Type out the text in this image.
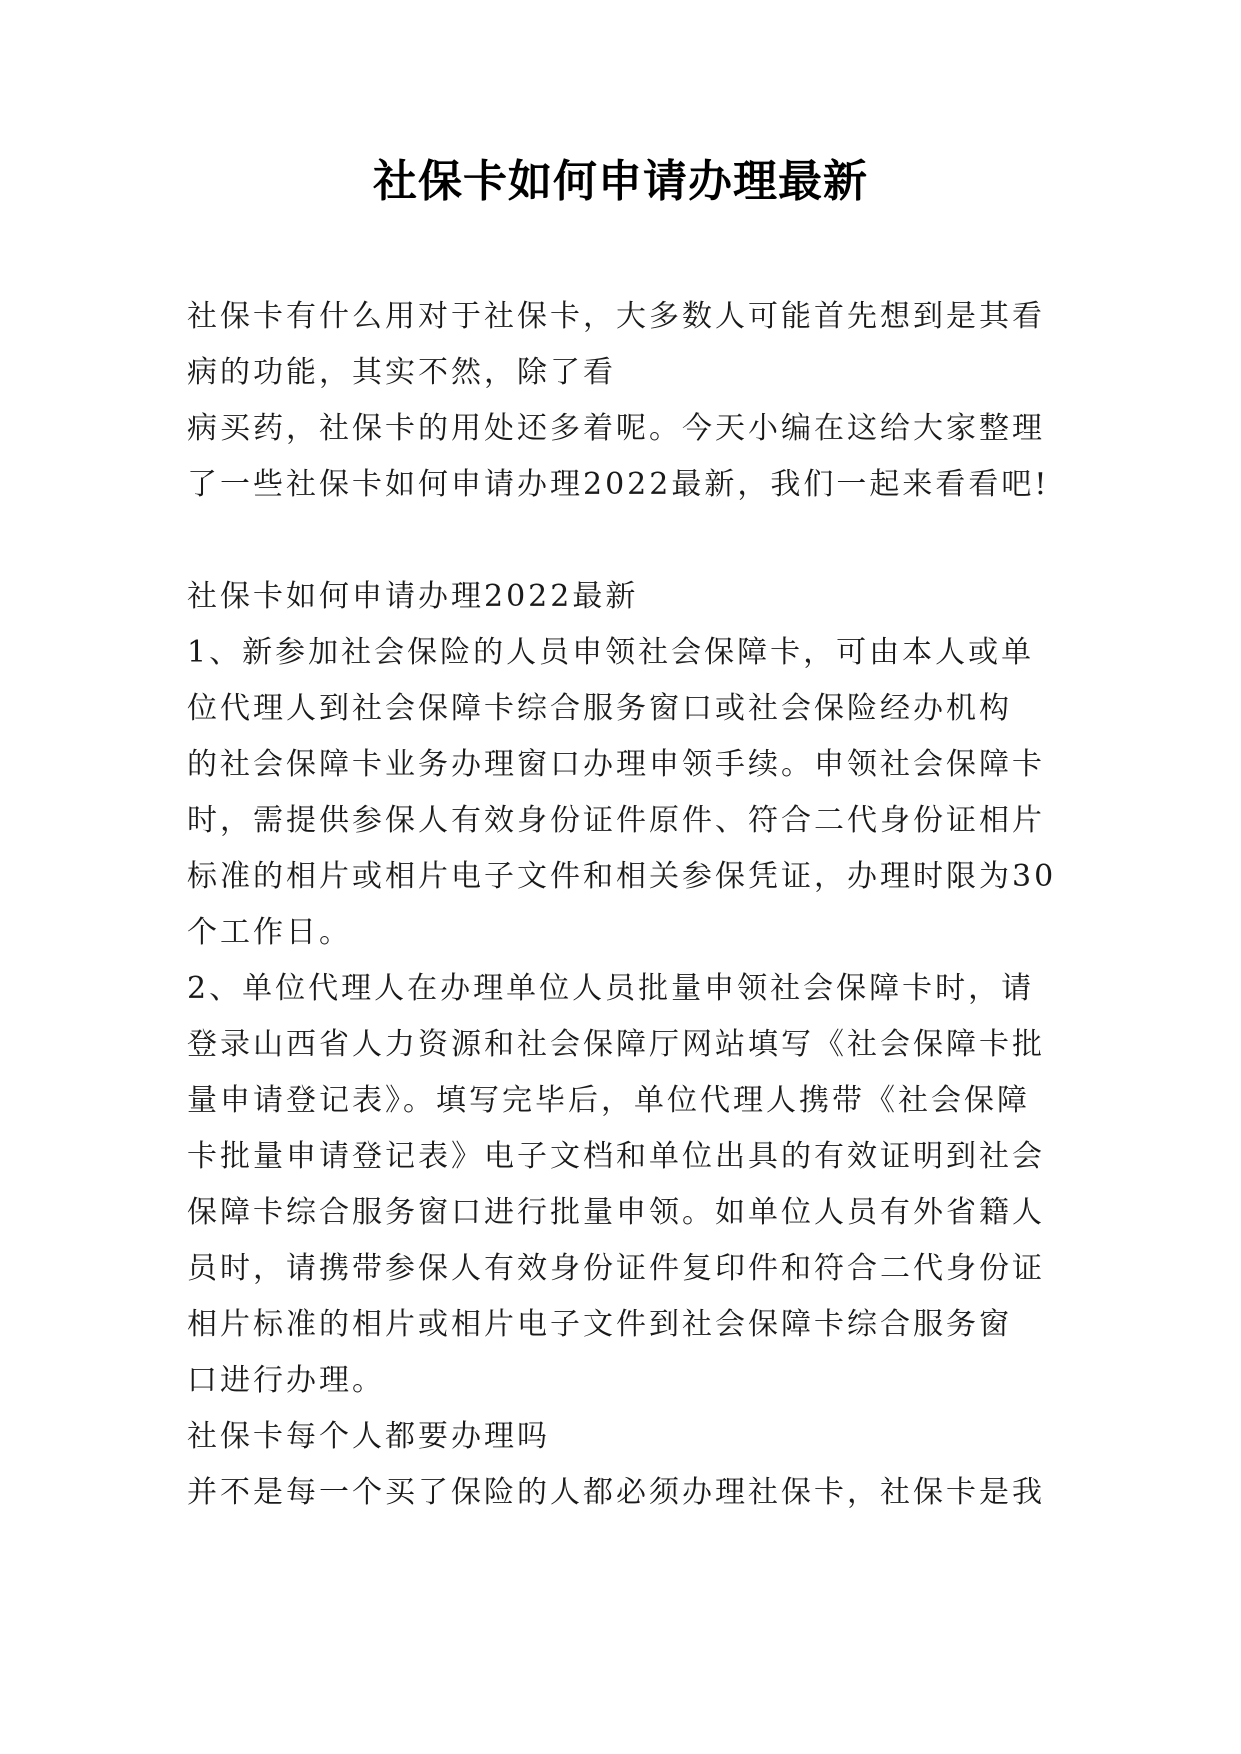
社保卡如何申请办理最新
社保卡有什么用对于社保卡，大多数人可能首先想到是其看
病的功能，其实不然，除了看
病买药，社保卡的用处还多着呢。今天小编在这给大家整理
了一些社保卡如何申请办理2022最新，我们一起来看看吧!
社保卡如何申请办理2022最新
1、新参加社会保险的人员申领社会保障卡，可由本人或单
位代理人到社会保障卡综合服务窗口或社会保险经办机构
的社会保障卡业务办理窗口办理申领手续。申领社会保障卡
时，需提供参保人有效身份证件原件、符合二代身份证相片
标准的相片或相片电子文件和相关参保凭证，办理时限为30
个工作日。
2、单位代理人在办理单位人员批量申领社会保障卡时，请
登录山西省人力资源和社会保障厅网站填写《社会保障卡批
量申请登记表》。填写完毕后，单位代理人携带《社会保障
卡批量申请登记表》电子文档和单位出具的有效证明到社会
保障卡综合服务窗口进行批量申领。如单位人员有外省籍人
员时，请携带参保人有效身份证件复印件和符合二代身份证
相片标准的相片或相片电子文件到社会保障卡综合服务窗
口进行办理。
社保卡每个人都要办理吗
并不是每一个买了保险的人都必须办理社保卡，社保卡是我
